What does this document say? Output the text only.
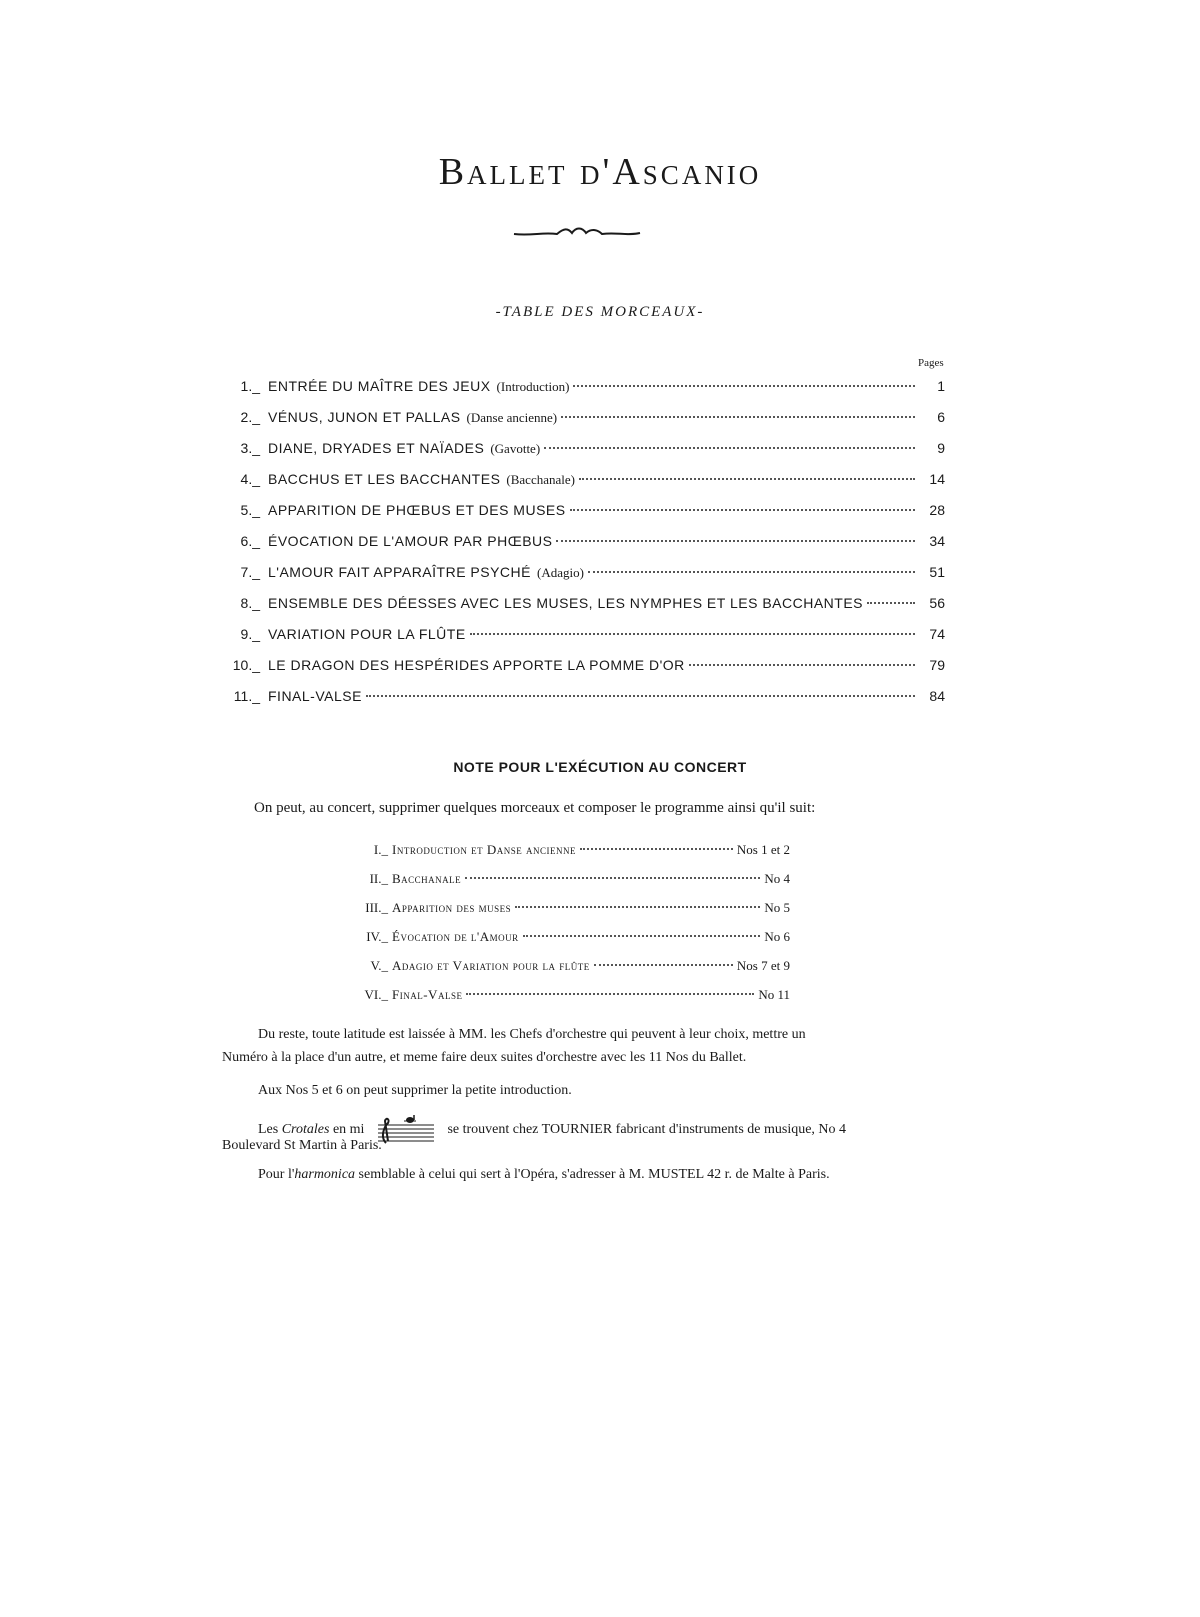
Ballet d'Ascanio
-TABLE DES MORCEAUX-
Pages
1._ ENTRÉE DU MAÎTRE DES JEUX (Introduction)	1
2._ VÉNUS, JUNON ET PALLAS (Danse ancienne)	6
3._ DIANE, DRYADES ET NAÏADES (Gavotte)	9
4._ BACCHUS ET LES BACCHANTES (Bacchanale)	14
5._ APPARITION DE PHŒBUS ET DES MUSES	28
6._ ÉVOCATION DE L'AMOUR PAR PHŒBUS	34
7._ L'AMOUR FAIT APPARAÎTRE PSYCHÉ (Adagio)	51
8._ ENSEMBLE DES DÉESSES AVEC LES MUSES, LES NYMPHES ET LES BACCHANTES	56
9._ VARIATION POUR LA FLÛTE	74
10._ LE DRAGON DES HESPÉRIDES APPORTE LA POMME D'OR	79
11._ FINAL-VALSE	84
NOTE POUR L'EXÉCUTION AU CONCERT
On peut, au concert, supprimer quelques morceaux et composer le programme ainsi qu'il suit:
I._ Introduction et Danse ancienne	Nos 1 et 2
II._ Bacchanale	No 4
III._ Apparition des muses	No 5
IV._ Évocation de l'Amour	No 6
V._ Adagio et Variation pour la flûte	Nos 7 et 9
VI._ Final-Valse	No 11
Du reste, toute latitude est laissée à MM. les Chefs d'orchestre qui peuvent à leur choix, mettre un
Numéro à la place d'un autre, et meme faire deux suites d'orchestre avec les 11 Nos du Ballet.
Aux Nos 5 et 6 on peut supprimer la petite introduction.
Les Crotales en mi	se trouvent chez TOURNIER fabricant d'instruments de musique, No 4
Boulevard St Martin à Paris.
Pour l'harmonica semblable à celui qui sert à l'Opéra, s'adresser à M. MUSTEL 42 r. de Malte à Paris.
